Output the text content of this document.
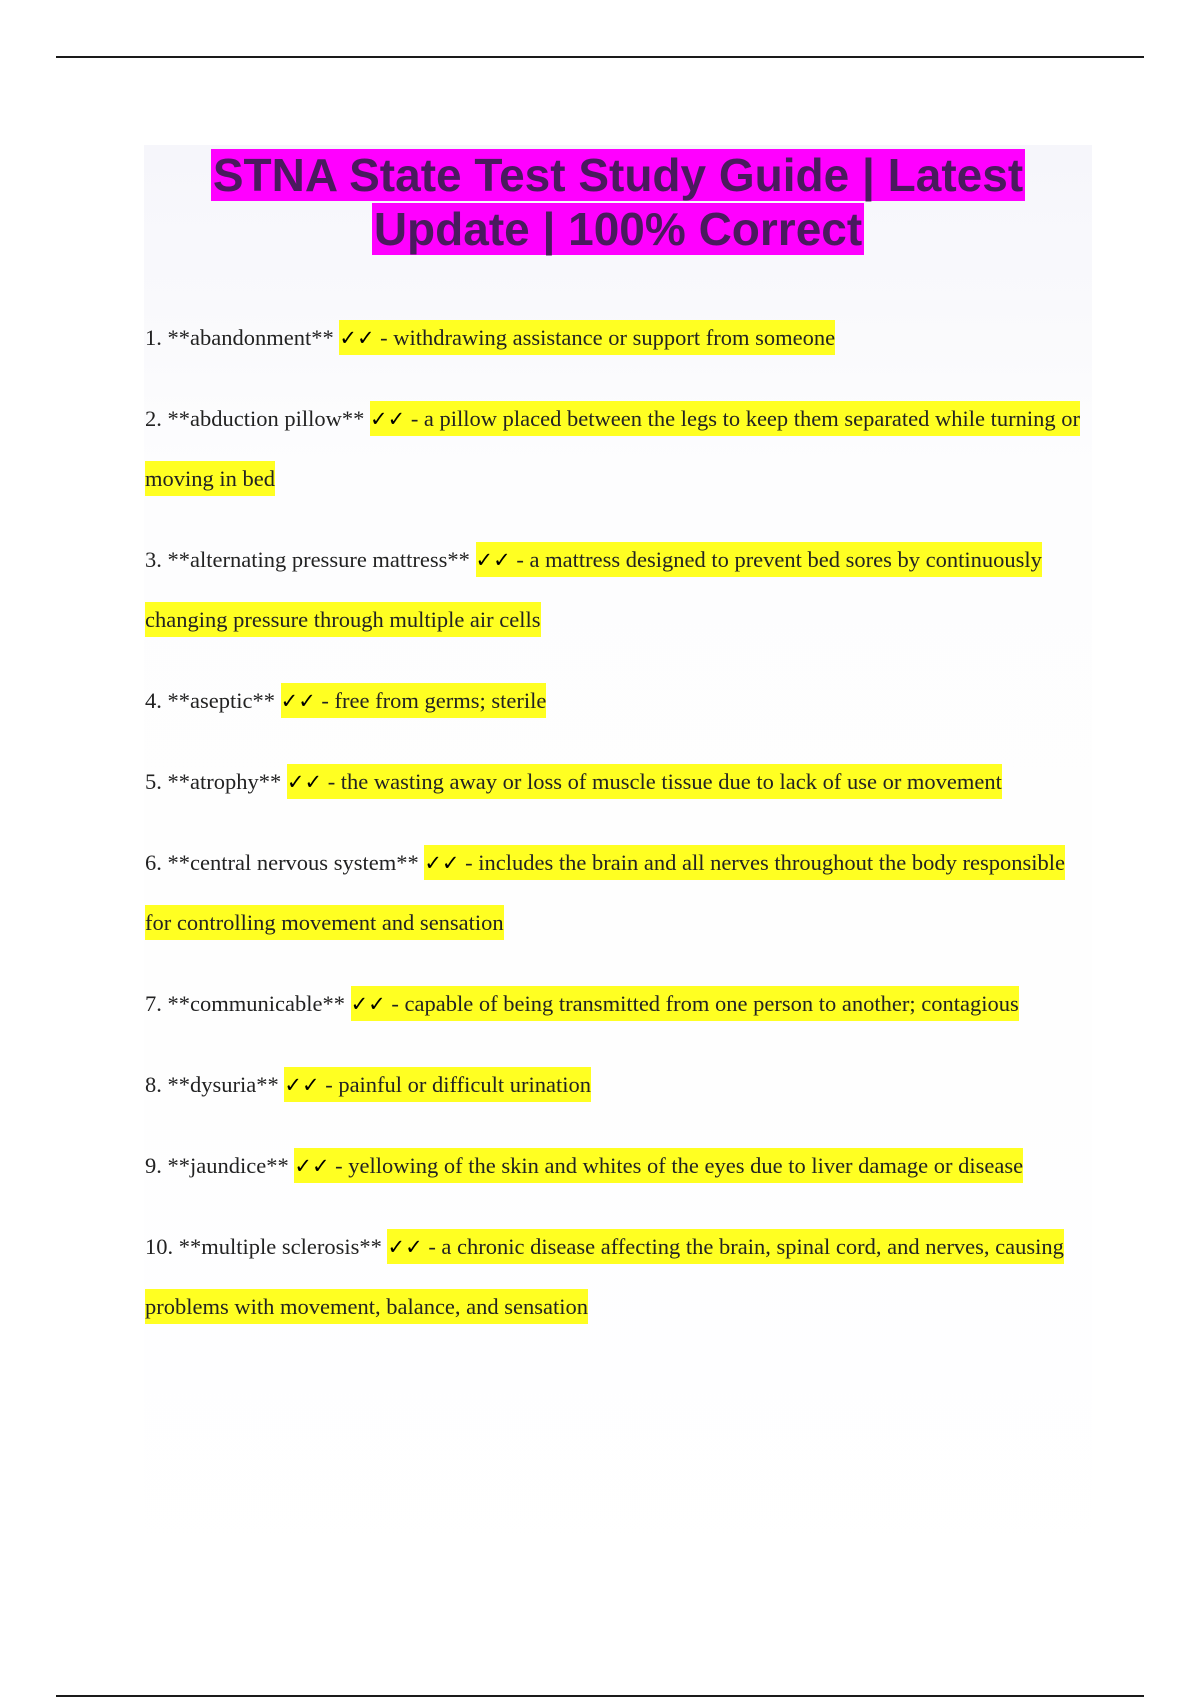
STNA State Test Study Guide | Latest Update | 100% Correct
1. **abandonment** ✓✓ - withdrawing assistance or support from someone
2. **abduction pillow** ✓✓ - a pillow placed between the legs to keep them separated while turning or moving in bed
3. **alternating pressure mattress** ✓✓ - a mattress designed to prevent bed sores by continuously changing pressure through multiple air cells
4. **aseptic** ✓✓ - free from germs; sterile
5. **atrophy** ✓✓ - the wasting away or loss of muscle tissue due to lack of use or movement
6. **central nervous system** ✓✓ - includes the brain and all nerves throughout the body responsible for controlling movement and sensation
7. **communicable** ✓✓ - capable of being transmitted from one person to another; contagious
8. **dysuria** ✓✓ - painful or difficult urination
9. **jaundice** ✓✓ - yellowing of the skin and whites of the eyes due to liver damage or disease
10. **multiple sclerosis** ✓✓ - a chronic disease affecting the brain, spinal cord, and nerves, causing problems with movement, balance, and sensation
